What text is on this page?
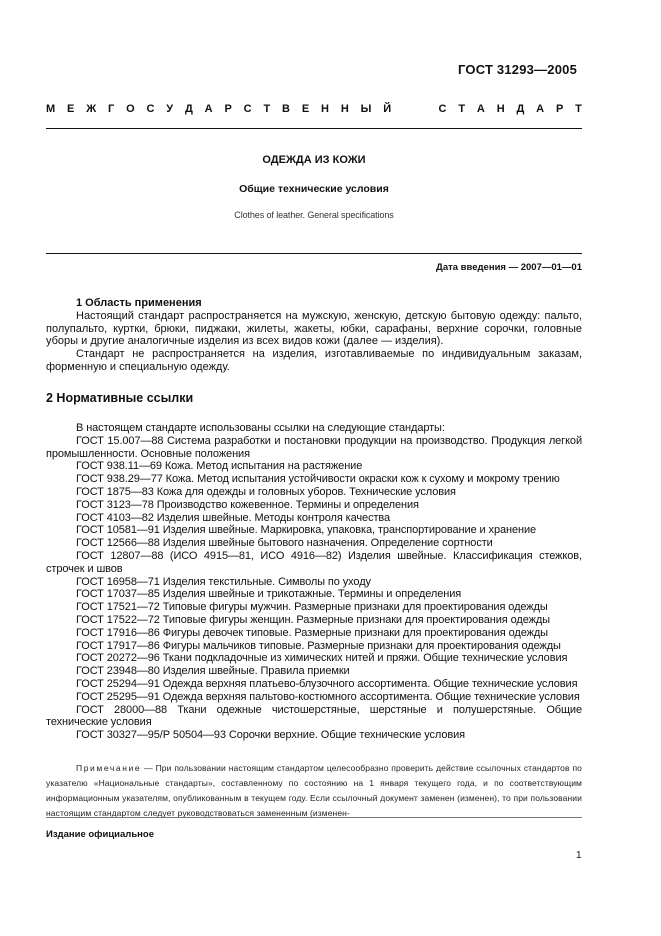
ГОСТ 31293—2005
М Е Ж Г О С У Д А Р С Т В Е Н Н Ы Й	С Т А Н Д А Р Т
ОДЕЖДА ИЗ КОЖИ
Общие технические условия
Clothes of leather. General specifications
Дата введения — 2007—01—01

1 Область применения

Настоящий стандарт распространяется на мужскую, женскую, детскую бытовую одежду: пальто, полупальто, куртки, брюки, пиджаки, жилеты, жакеты, юбки, сарафаны, верхние сорочки, головные уборы и другие аналогичные изделия из всех видов кожи (далее — изделия).

Стандарт не распространяется на изделия, изготавливаемые по индивидуальным заказам, форменную и специальную одежду.

2 Нормативные ссылки

В настоящем стандарте использованы ссылки на следующие стандарты:

ГОСТ 15.007—88 Система разработки и постановки продукции на производство. Продукция легкой промышленности. Основные положения

ГОСТ 938.11—69 Кожа. Метод испытания на растяжение

ГОСТ 938.29—77 Кожа. Метод испытания устойчивости окраски кож к сухому и мокрому трению

ГОСТ 1875—83 Кожа для одежды и головных уборов. Технические условия

ГОСТ 3123—78 Производство кожевенное. Термины и определения

ГОСТ 4103—82 Изделия швейные. Методы контроля качества

ГОСТ 10581—91 Изделия швейные. Маркировка, упаковка, транспортирование и хранение

ГОСТ 12566—88 Изделия швейные бытового назначения. Определение сортности

ГОСТ 12807—88 (ИСО 4915—81, ИСО 4916—82) Изделия швейные. Классификация стежков, строчек и швов

ГОСТ 16958—71 Изделия текстильные. Символы по уходу

ГОСТ 17037—85 Изделия швейные и трикотажные. Термины и определения

ГОСТ 17521—72 Типовые фигуры мужчин. Размерные признаки для проектирования одежды

ГОСТ 17522—72 Типовые фигуры женщин. Размерные признаки для проектирования одежды

ГОСТ 17916—86 Фигуры девочек типовые. Размерные признаки для проектирования одежды

ГОСТ 17917—86 Фигуры мальчиков типовые. Размерные признаки для проектирования одежды

ГОСТ 20272—96 Ткани подкладочные из химических нитей и пряжи. Общие технические условия

ГОСТ 23948—80 Изделия швейные. Правила приемки

ГОСТ 25294—91 Одежда верхняя платьево-блузочного ассортимента. Общие технические условия

ГОСТ 25295—91 Одежда верхняя пальтово-костюмного ассортимента. Общие технические условия

ГОСТ 28000—88 Ткани одежные чистошерстяные, шерстяные и полушерстяные. Общие технические условия

ГОСТ 30327—95/Р 50504—93 Сорочки верхние. Общие технические условия

Примечание — При пользовании настоящим стандартом целесообразно проверить действие ссылочных стандартов по указателю «Национальные стандарты», составленному по состоянию на 1 января текущего года, и по соответствующим информационным указателям, опубликованным в текущем году. Если ссылочный документ заменен (изменен), то при пользовании настоящим стандартом следует руководствоваться замененным (изменен-
Издание официальное
1
